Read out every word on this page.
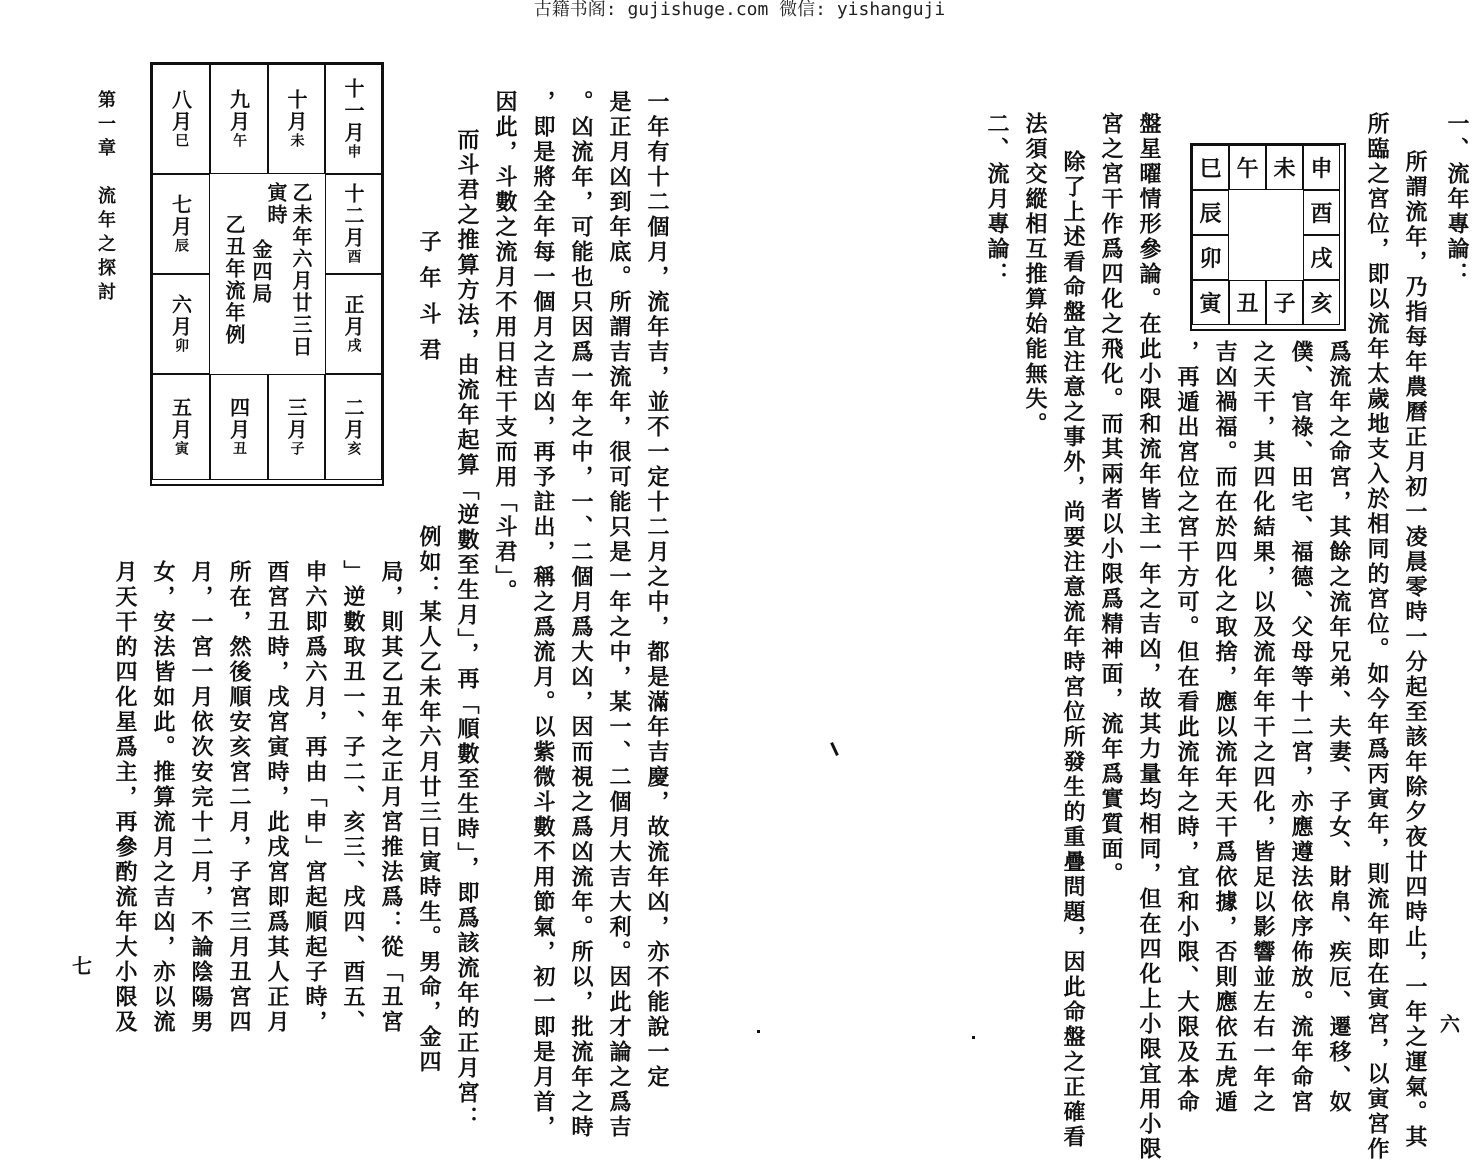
古籍书阁: gujishuge.com 微信: yishanguji
六
一、流年專論：
所謂流年，乃指每年農曆正月初一凌晨零時一分起至該年除夕夜廿四時止，一年之運氣。其
所臨之宮位，即以流年太歲地支入於相同的宮位。如今年爲丙寅年，則流年即在寅宮，以寅宮作
爲流年之命宮，其餘之流年兄弟、夫妻、子女、財帛、疾厄、遷移、奴
僕、官祿、田宅、福德、父母等十二宮，亦應遵法依序佈放。流年命宮
之天干，其四化結果，以及流年年干之四化，皆足以影響並左右一年之
吉凶禍福。而在於四化之取捨，應以流年天干爲依據，否則應依五虎遁
，再遁出宮位之宮干方可。但在看此流年之時，宜和小限、大限及本命
盤星曜情形參論。在此小限和流年皆主一年之吉凶，故其力量均相同，但在四化上小限宜用小限
宮之宮干作爲四化之飛化。而其兩者以小限爲精神面，流年爲實質面。
除了上述看命盤宜注意之事外，尚要注意流年時宮位所發生的重疊問題，因此命盤之正確看
法須交縱相互推算始能無失。
二、流月專論：	巳 午 未 申
辰
卯
酉
戌
寅 丑 子 亥
七
第一章　流年之探討	一年有十二個月，流年吉，並不一定十二月之中，都是滿年吉慶，故流年凶，亦不能說一定
是正月凶到年底。所謂吉流年，很可能只是一年之中，某一、二個月大吉大利。因此才論之爲吉
。凶流年，可能也只因爲一年之中，一、二個月爲大凶，因而視之爲凶流年。所以，批流年之時
，即是將全年每一個月之吉凶，再予註出，稱之爲流月。以紫微斗數不用節氣，初一即是月首，
因此，斗數之流月不用日柱干支而用「斗君」。
而斗君之推算方法，由流年起算「逆數至生月」，再「順數至生時」，即爲該流年的正月宮：
子年斗君
例如：某人乙未年六月廿三日寅時生。男命，金四
局，則其乙丑年之正月宮推法爲：從「丑宮
」逆數取丑一、子二、亥三、戌四、酉五、
申六即爲六月，再由「申」宮起順起子時，
酉宮丑時，戌宮寅時，此戌宮即爲其人正月
所在，然後順安亥宮二月，子宮三月丑宮四
月，一宮一月依次安完十二月，不論陰陽男
女，安法皆如此。推算流月之吉凶，亦以流
月天干的四化星爲主，再參酌流年大小限及
八月
巳
九月
午
十月
未 十一月
申
十二月
酉
正月
戌
七月
辰
六月
卯
五月
寅
四月
丑
三月
子
二月
亥
乙未年六月廿三日
寅時
金四局
乙丑年流年例
